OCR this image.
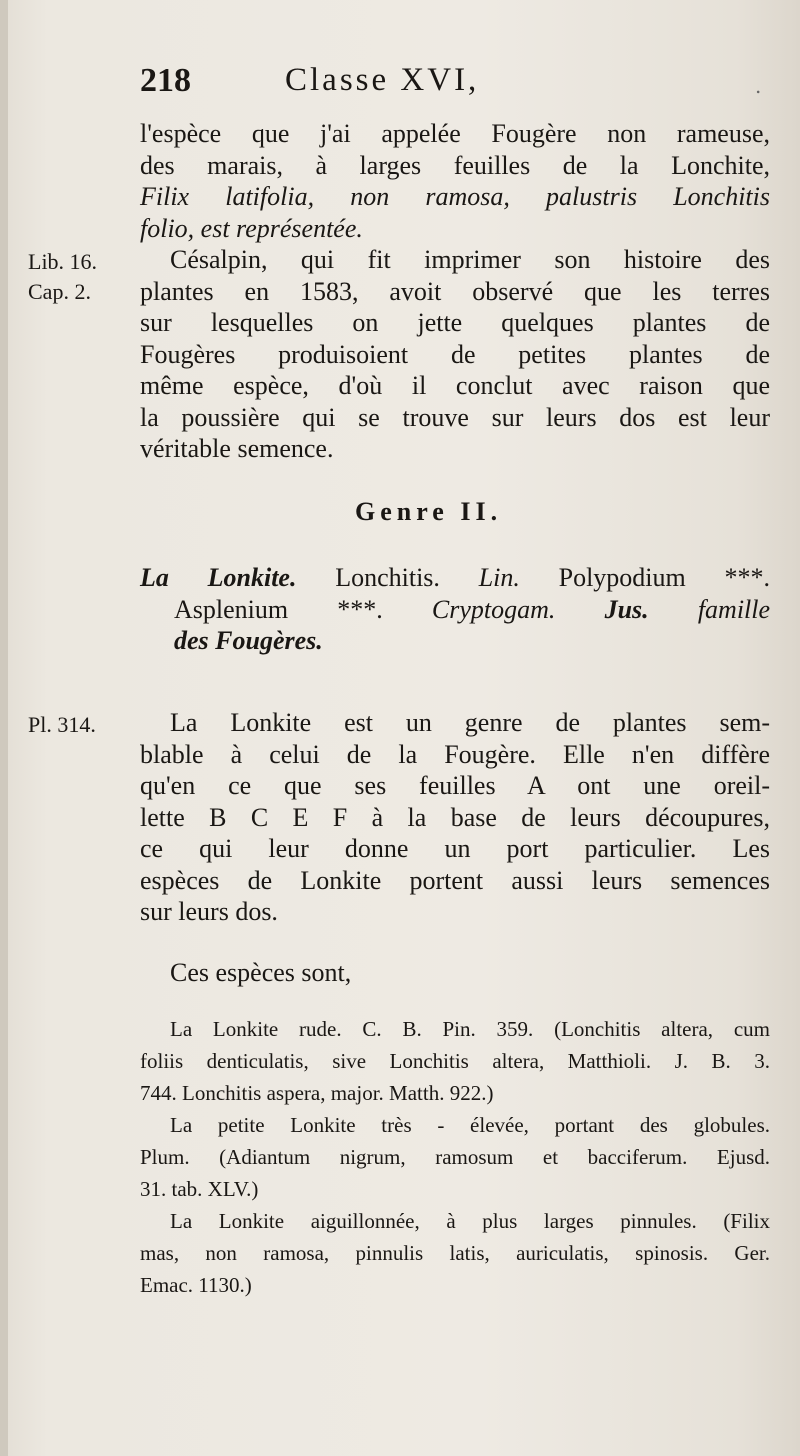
218	Classe XVI,	.

l'espèce que j'ai appelée Fougère non rameuse,

des marais, à larges feuilles de la Lonchite,

Filix latifolia, non ramosa, palustris Lonchitis

folio, est représentée.

Lib. 16.
Cap. 2.

Césalpin, qui fit imprimer son histoire des

plantes en 1583, avoit observé que les terres

sur lesquelles on jette quelques plantes de

Fougères produisoient de petites plantes de

même espèce, d'où il conclut avec raison que

la poussière qui se trouve sur leurs dos est leur

véritable semence.

Genre II.

La Lonkite. Lonchitis. Lin. Polypodium ***.

Asplenium ***. Cryptogam. Jus. famille

des Fougères.

Pl. 314.	La Lonkite est un genre de plantes sem-

blable à celui de la Fougère. Elle n'en diffère

qu'en ce que ses feuilles A ont une oreil-

lette B C E F à la base de leurs découpures,

ce qui leur donne un port particulier. Les

espèces de Lonkite portent aussi leurs semences

sur leurs dos.

Ces espèces sont,

La Lonkite rude. C. B. Pin. 359. (Lonchitis altera, cum

foliis denticulatis, sive Lonchitis altera, Matthioli. J. B. 3.

744. Lonchitis aspera, major. Matth. 922.)

La petite Lonkite très - élevée, portant des globules.

Plum. (Adiantum nigrum, ramosum et bacciferum. Ejusd.

31. tab. XLV.)

La Lonkite aiguillonnée, à plus larges pinnules. (Filix

mas, non ramosa, pinnulis latis, auriculatis, spinosis. Ger.

Emac. 1130.)
